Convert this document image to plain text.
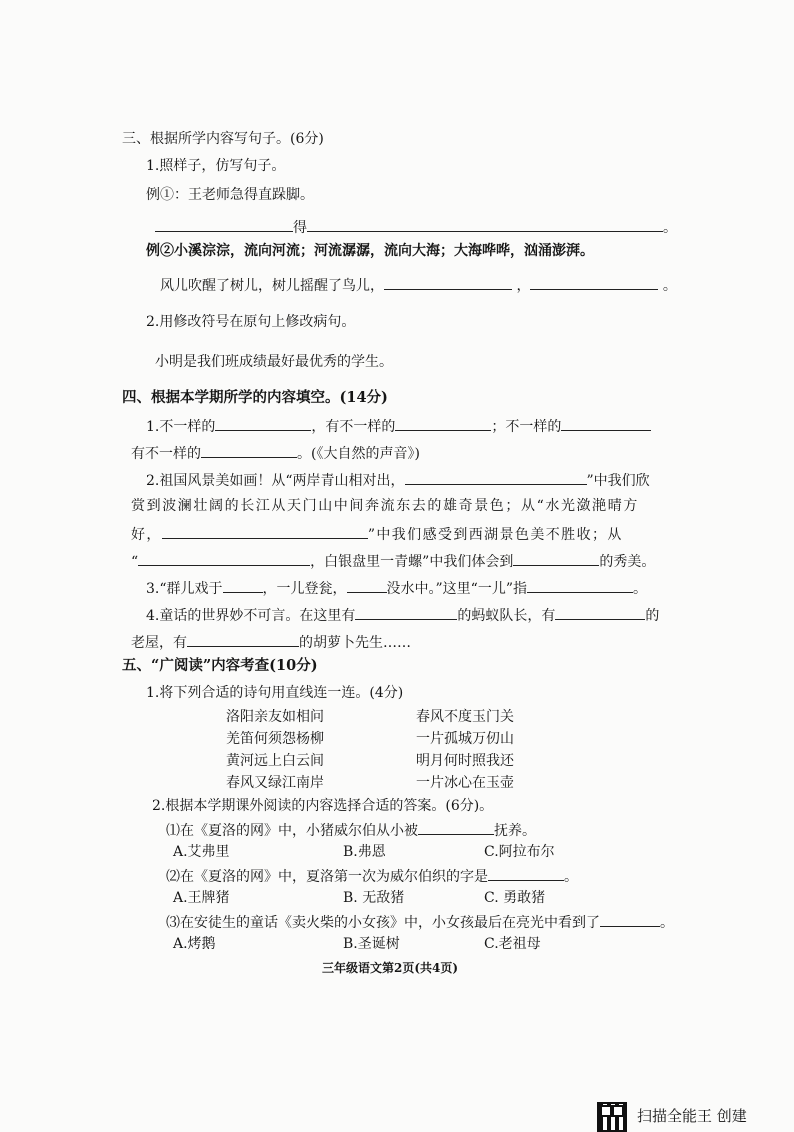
三、根据所学内容写句子。(6分)
1.照样子，仿写句子。
例①：王老师急得直跺脚。
得	。
例②小溪淙淙，流向河流；河流潺潺，流向大海；大海哗哗，汹涌澎湃。
风儿吹醒了树儿，树儿摇醒了鸟儿，	，	。
2.用修改符号在原句上修改病句。
小明是我们班成绩最好最优秀的学生。
四、根据本学期所学的内容填空。(14分)
1.不一样的	，有不一样的	；不一样的
有不一样的	。(《大自然的声音》)
2.祖国风景美如画！从“两岸青山相对出，	”中我们欣
赏到波澜壮阔的长江从天门山中间奔流东去的雄奇景色；从“水光潋滟晴方
好，	”中我们感受到西湖景色美不胜收；从
“	，白银盘里一青螺”中我们体会到	的秀美。
3.“群儿戏于	，一儿登瓮，	没水中。”这里“一儿”指	。
4.童话的世界妙不可言。在这里有	的蚂蚁队长，有	的
老屋，有	的胡萝卜先生……
五、“广阅读”内容考查(10分)
1.将下列合适的诗句用直线连一连。(4分)
洛阳亲友如相问
羌笛何须怨杨柳
黄河远上白云间
春风又绿江南岸
春风不度玉门关
一片孤城万仞山
明月何时照我还
一片冰心在玉壶
2.根据本学期课外阅读的内容选择合适的答案。(6分)。
⑴在《夏洛的网》中，小猪威尔伯从小被	抚养。
A.艾弗里	B.弗恩	C.阿拉布尔
⑵在《夏洛的网》中，夏洛第一次为威尔伯织的字是	。
A.王牌猪	B. 无敌猪	C. 勇敢猪
⑶在安徒生的童话《卖火柴的小女孩》中，小女孩最后在亮光中看到了	。
A.烤鹅	B.圣诞树	C.老祖母
三年级语文第2页(共4页)
扫描全能王 创建
